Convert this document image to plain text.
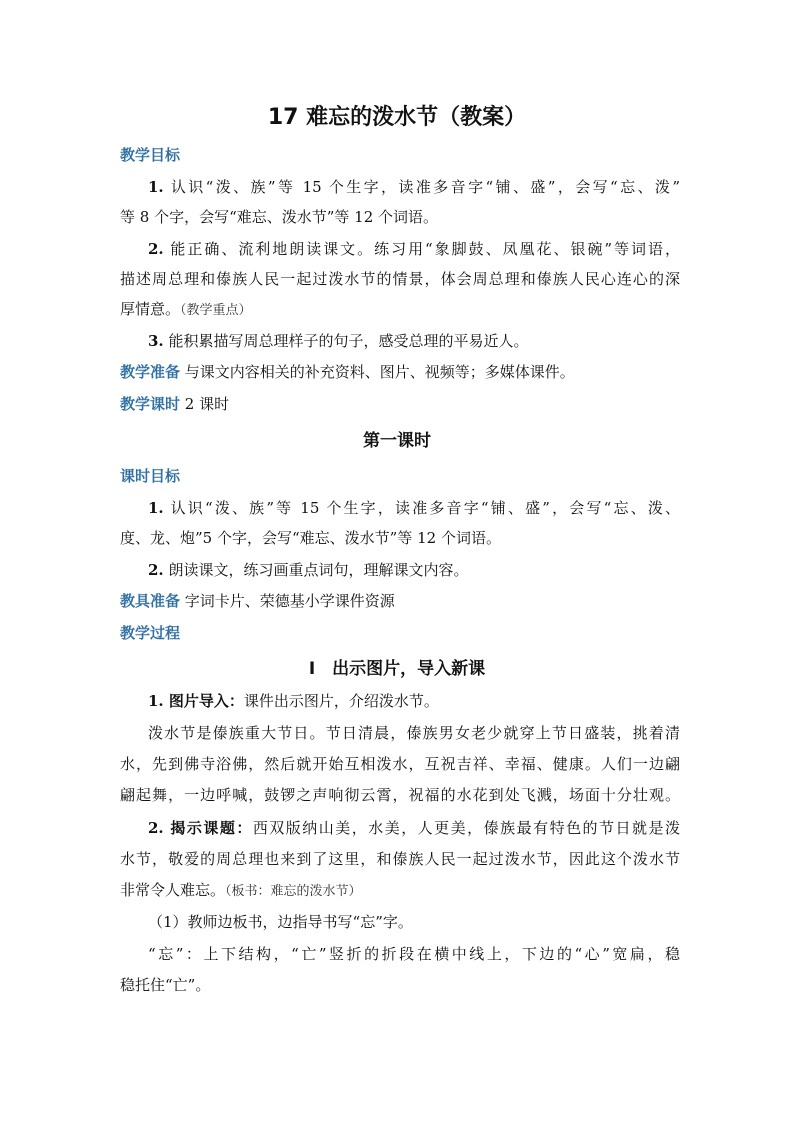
17 难忘的泼水节（教案）
教学目标
1. 认识“泼、族”等 15 个生字，读准多音字“铺、盛”，会写“忘、泼”
等 8 个字，会写“难忘、泼水节”等 12 个词语。
2. 能正确、流利地朗读课文。练习用“象脚鼓、凤凰花、银碗”等词语，
描述周总理和傣族人民一起过泼水节的情景，体会周总理和傣族人民心连心的深
厚情意。（教学重点）
3. 能积累描写周总理样子的句子，感受总理的平易近人。
教学准备 与课文内容相关的补充资料、图片、视频等；多媒体课件。
教学课时 2 课时
第一课时
课时目标
1. 认识“泼、族”等 15 个生字，读准多音字“铺、盛”，会写“忘、泼、
度、龙、炮”5 个字，会写“难忘、泼水节”等 12 个词语。
2. 朗读课文，练习画重点词句，理解课文内容。
教具准备 字词卡片、荣德基小学课件资源
教学过程
Ⅰ　出示图片，导入新课
1. 图片导入：课件出示图片，介绍泼水节。
泼水节是傣族重大节日。节日清晨，傣族男女老少就穿上节日盛装，挑着清
水，先到佛寺浴佛，然后就开始互相泼水，互祝吉祥、幸福、健康。人们一边翩
翩起舞，一边呼喊，鼓锣之声响彻云霄，祝福的水花到处飞溅，场面十分壮观。
2. 揭示课题：西双版纳山美，水美，人更美，傣族最有特色的节日就是泼
水节，敬爱的周总理也来到了这里，和傣族人民一起过泼水节，因此这个泼水节
非常令人难忘。（板书：难忘的泼水节）
（1）教师边板书，边指导书写“忘”字。
“忘”：上下结构，“亡”竖折的折段在横中线上，下边的“心”宽扁，稳
稳托住“亡”。
